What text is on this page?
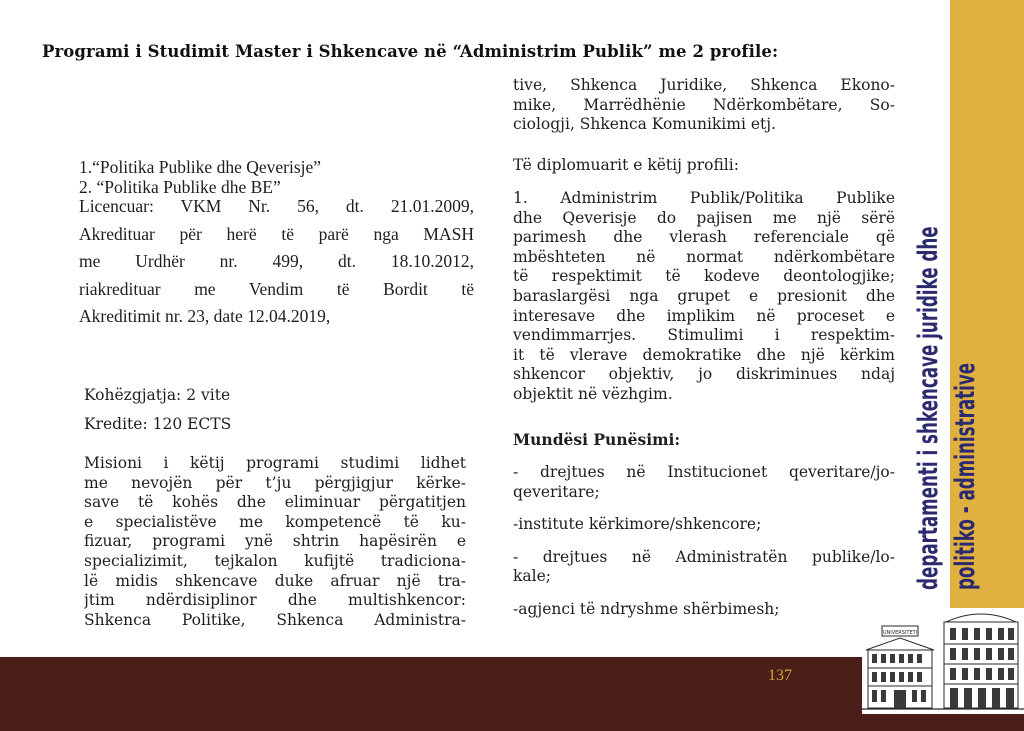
Programi i Studimit Master i Shkencave në “Administrim Publik” me 2 profile:
1.“Politika Publike dhe Qeverisje”
2. “Politika Publike dhe BE”
Licencuar: VKM Nr. 56, dt. 21.01.2009,
Akredituar për herë të parë nga MASH
me Urdhër nr. 499, dt. 18.10.2012,
riakredituar me Vendim të Bordit të
Akreditimit nr. 23, date 12.04.2019,
Kohëzgjatja: 2 vite
Kredite: 120 ECTS
Misioni i këtij programi studimi lidhet
me nevojën për t’ju përgjigjur kërke-
save të kohës dhe eliminuar përgatitjen
e specialistëve me kompetencë të ku-
fizuar, programi ynë shtrin hapësirën e
specializimit, tejkalon kufijtë tradiciona-
lë midis shkencave duke afruar një tra-
jtim ndërdisiplinor dhe multishkencor:
Shkenca Politike, Shkenca Administra-
tive, Shkenca Juridike, Shkenca Ekono-
mike, Marrëdhënie Ndërkombëtare, So-
ciologji, Shkenca Komunikimi etj.
Të diplomuarit e këtij profili:
1. Administrim Publik/Politika Publike
dhe Qeverisje do pajisen me një sërë
parimesh dhe vlerash referenciale që
mbështeten në normat ndërkombëtare
të respektimit të kodeve deontologjike;
baraslargësi nga grupet e presionit dhe
interesave dhe implikim në proceset e
vendimmarrjes. Stimulimi i respektim-
it të vlerave demokratike dhe një kërkim
shkencor objektiv, jo diskriminues ndaj
objektit në vëzhgim.
Mundësi Punësimi:
- drejtues në Institucionet qeveritare/jo-
qeveritare;
-institute kërkimore/shkencore;
- drejtues në Administratën publike/lo-
kale;
-agjenci të ndryshme shërbimesh;
departamenti i shkencave juridike dhe politiko - administrative
137
UNIVERSITETI
